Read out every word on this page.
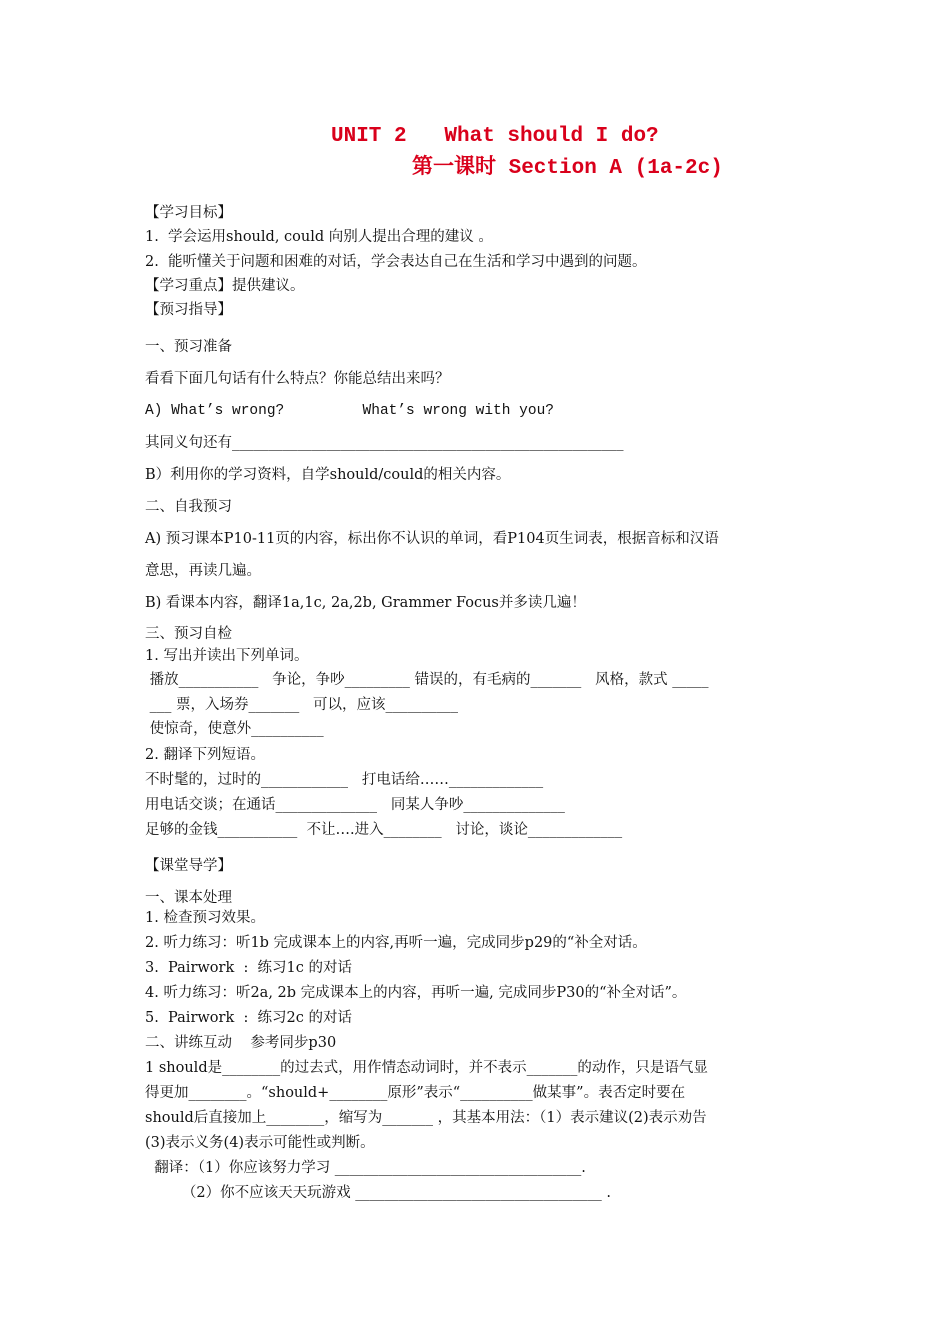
UNIT 2   What should I do?
第一课时 Section A (1a-2c)
【学习目标】
1.  学会运用should, could 向别人提出合理的建议 。
2.  能听懂关于问题和困难的对话，学会表达自己在生活和学习中遇到的问题。
【学习重点】提供建议。
【预习指导】
一、预习准备
看看下面几句话有什么特点？你能总结出来吗？
A) What’s wrong?         What’s wrong with you?
其同义句还有______________________________________________________
B）利用你的学习资料，自学should/could的相关内容。
二、自我预习
A) 预习课本P10-11页的内容，标出你不认识的单词，看P104页生词表，根据音标和汉语
意思，再读几遍。
B) 看课本内容，翻译1a,1c, 2a,2b, Grammer Focus并多读几遍！
三、预习自检
1. 写出并读出下列单词。
播放___________   争论，争吵_________ 错误的，有毛病的_______   风格，款式 _____
___ 票，入场券_______   可以，应该__________
使惊奇，使意外__________
2. 翻译下列短语。
不时髦的，过时的____________   打电话给……_____________
用电话交谈；在通话______________   同某人争吵______________
足够的金钱___________  不让….进入________   讨论，谈论_____________
【课堂导学】
一、课本处理
1. 检查预习效果。
2. 听力练习：听1b 完成课本上的内容,再听一遍，完成同步p29的“补全对话。
3.  Pairwork  :  练习1c 的对话
4. 听力练习：听2a, 2b 完成课本上的内容，再听一遍, 完成同步P30的“补全对话”。
5.  Pairwork  :  练习2c 的对话
二、讲练互动    参考同步p30
1 should是________的过去式，用作情态动词时，并不表示_______的动作，只是语气显
得更加________。“should+________原形”表示“__________做某事”。表否定时要在
should后直接加上________，缩写为_______ ，其基本用法：（1）表示建议(2)表示劝告
(3)表示义务(4)表示可能性或判断。
翻译：（1）你应该努力学习 __________________________________.
（2）你不应该天天玩游戏 __________________________________ .
